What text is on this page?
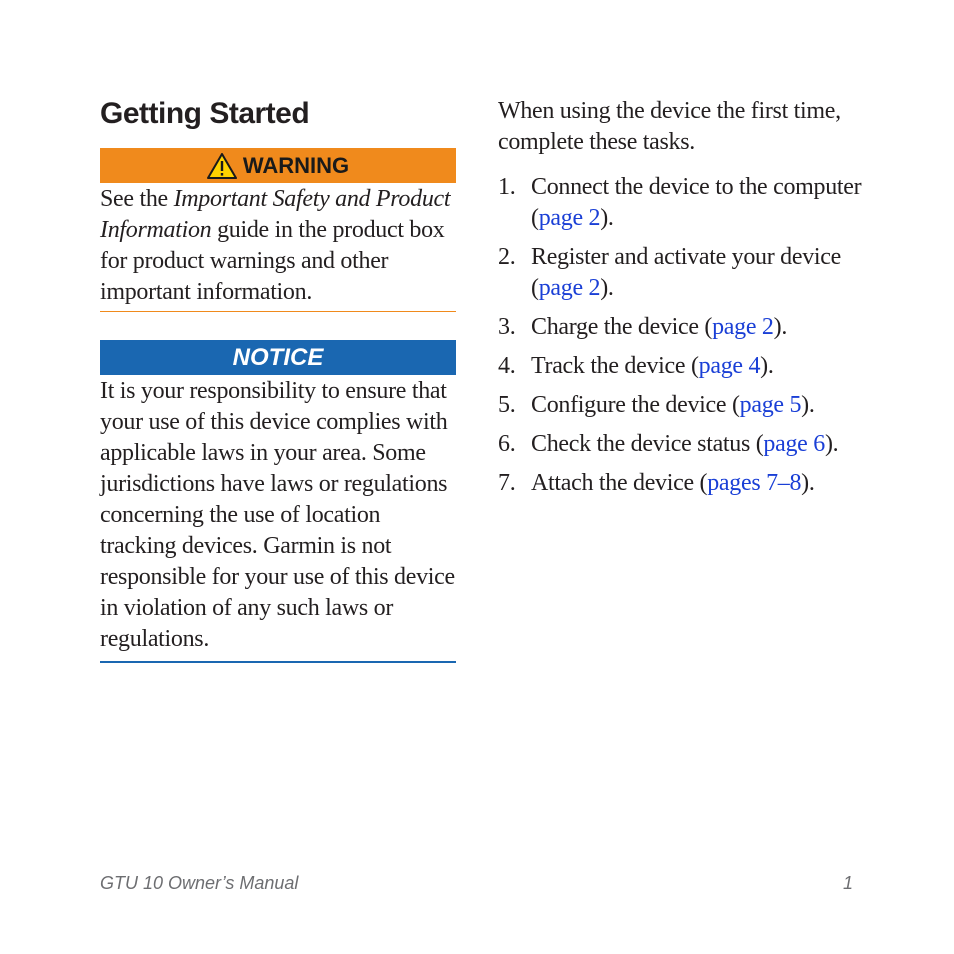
Getting Started
WARNING
See the Important Safety and Product Information guide in the product box for product warnings and other important information.
NOTICE
It is your responsibility to ensure that your use of this device complies with applicable laws in your area. Some jurisdictions have laws or regulations concerning the use of location tracking devices. Garmin is not responsible for your use of this device in violation of any such laws or regulations.

When using the device the first time, complete these tasks.

1. Connect the device to the computer (page 2).
2. Register and activate your device (page 2).
3. Charge the device (page 2).
4. Track the device (page 4).
5. Configure the device (page 5).
6. Check the device status (page 6).
7. Attach the device (pages 7–8).
GTU 10 Owner’s Manual	1
